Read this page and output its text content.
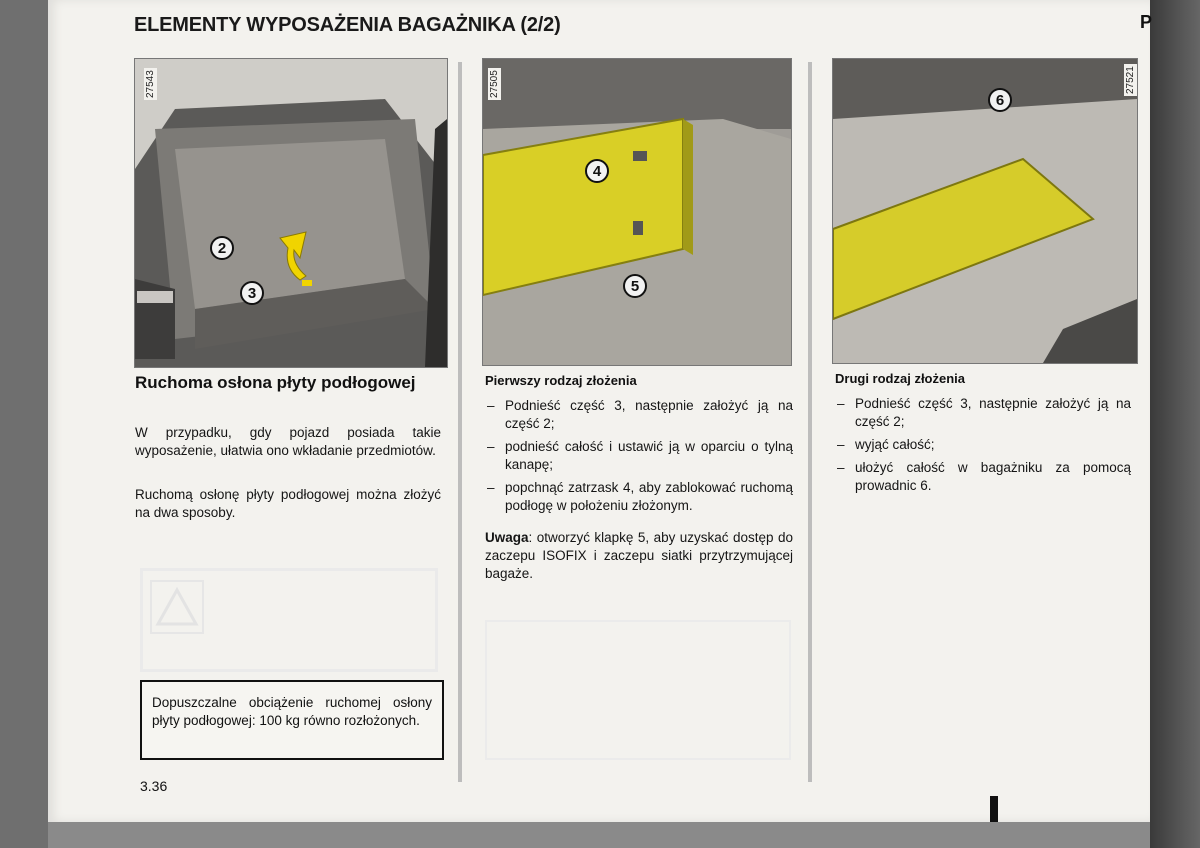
P
ELEMENTY WYPOSAŻENIA BAGAŻNIKA (2/2)
27543
2
3
27505
4
5
27521
6
Ruchoma osłona płyty podłogowej
W przypadku, gdy pojazd posiada takie wyposażenie, ułatwia ono wkładanie przedmiotów.
Ruchomą osłonę płyty podłogowej można złożyć na dwa sposoby.
Dopuszczalne obciążenie ruchomej osłony płyty podłogowej: 100 kg równo rozłożonych.
3.36
Pierwszy rodzaj złożenia
– Podnieść część 3, następnie założyć ją na część 2;
– podnieść całość i ustawić ją w oparciu o tylną kanapę;
– popchnąć zatrzask 4, aby zablokować ruchomą podłogę w położeniu złożonym.
Uwaga: otworzyć klapkę 5, aby uzyskać dostęp do zaczepu ISOFIX i zaczepu siatki przytrzymującej bagaże.
Drugi rodzaj złożenia
– Podnieść część 3, następnie założyć ją na część 2;
– wyjąć całość;
– ułożyć całość w bagażniku za pomocą prowadnic 6.
